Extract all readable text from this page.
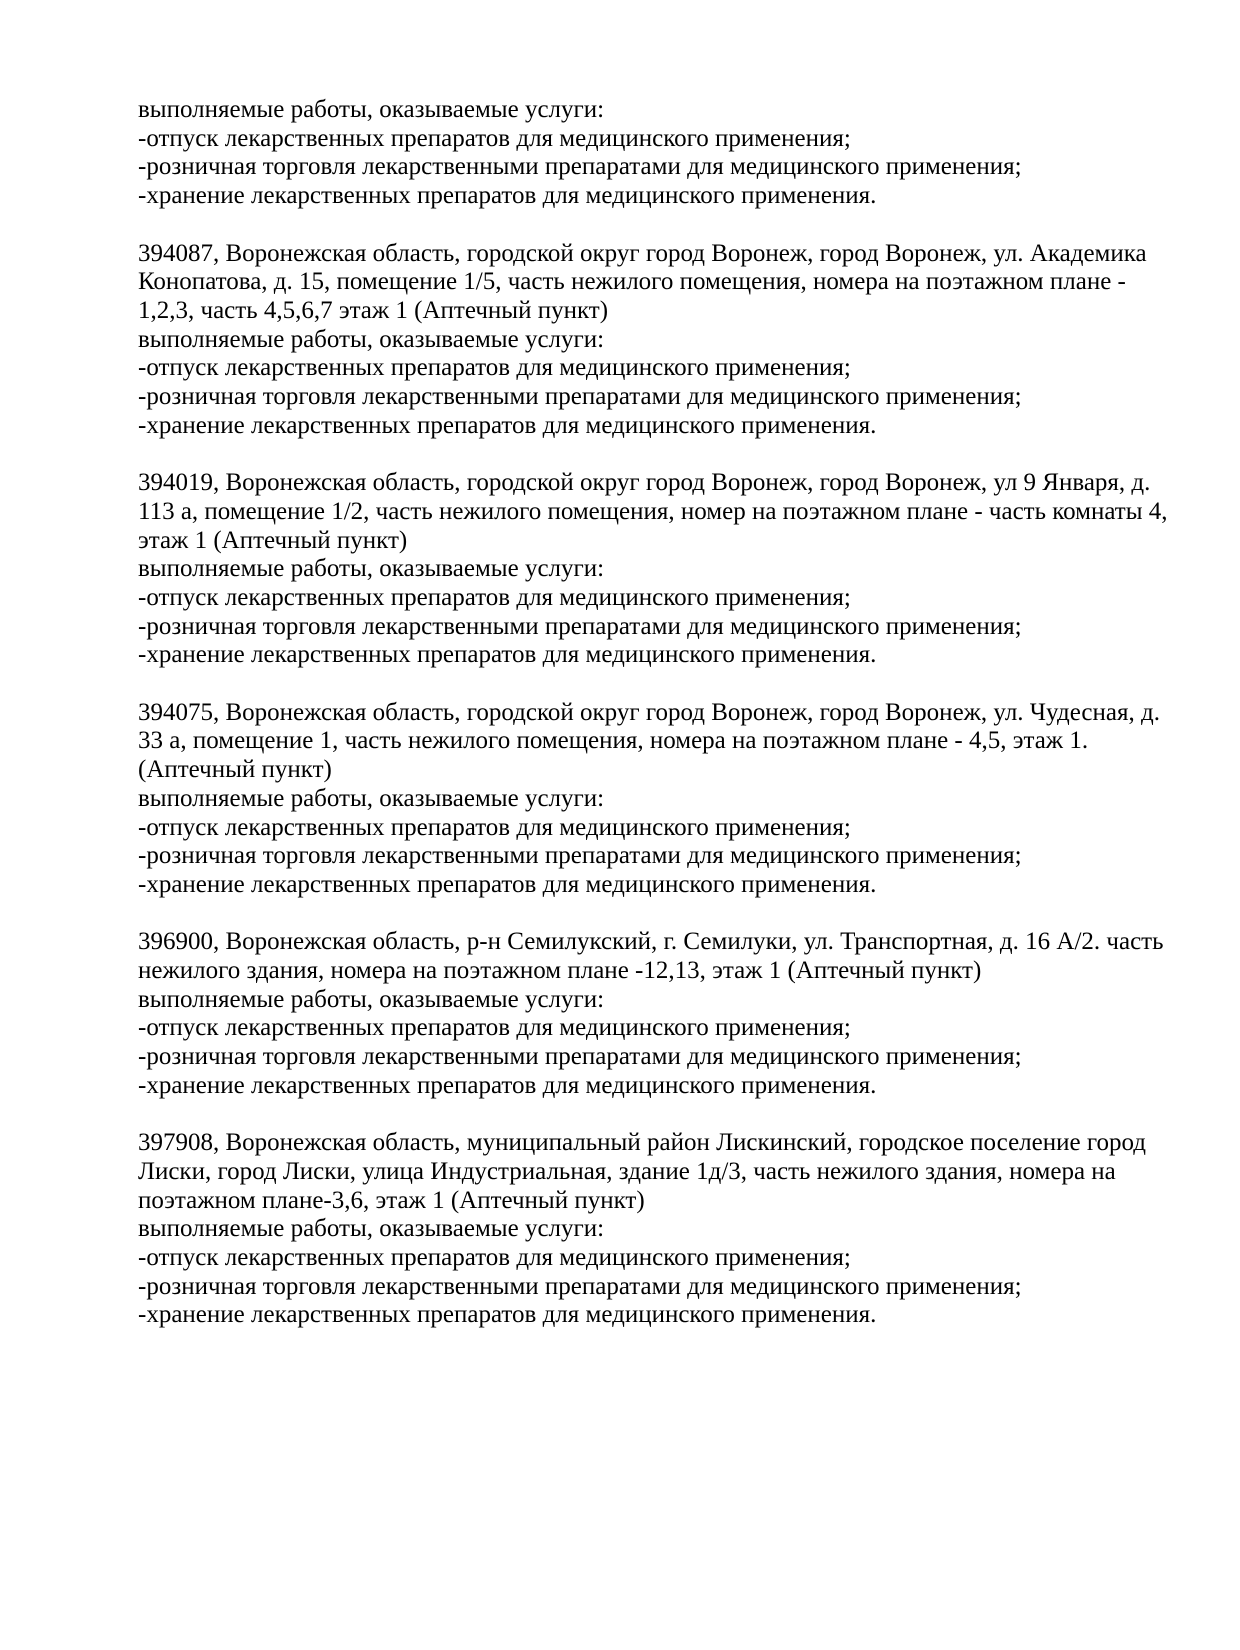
выполняемые работы, оказываемые услуги:
-отпуск лекарственных препаратов для медицинского применения;
-розничная торговля лекарственными препаратами для медицинского применения;
-хранение лекарственных препаратов для медицинского применения.
394087, Воронежская область, городской округ город Воронеж, город Воронеж, ул. Академика
Конопатова, д. 15, помещение 1/5, часть нежилого помещения, номера на поэтажном плане -
1,2,3, часть 4,5,6,7 этаж 1 (Аптечный пункт)
выполняемые работы, оказываемые услуги:
-отпуск лекарственных препаратов для медицинского применения;
-розничная торговля лекарственными препаратами для медицинского применения;
-хранение лекарственных препаратов для медицинского применения.
394019, Воронежская область, городской округ город Воронеж, город Воронеж, ул 9 Января, д.
113 а, помещение 1/2, часть нежилого помещения, номер на поэтажном плане - часть комнаты 4,
этаж 1 (Аптечный пункт)
выполняемые работы, оказываемые услуги:
-отпуск лекарственных препаратов для медицинского применения;
-розничная торговля лекарственными препаратами для медицинского применения;
-хранение лекарственных препаратов для медицинского применения.
394075, Воронежская область, городской округ город Воронеж, город Воронеж, ул. Чудесная, д.
33 а, помещение 1, часть нежилого помещения, номера на поэтажном плане - 4,5, этаж 1.
(Аптечный пункт)
выполняемые работы, оказываемые услуги:
-отпуск лекарственных препаратов для медицинского применения;
-розничная торговля лекарственными препаратами для медицинского применения;
-хранение лекарственных препаратов для медицинского применения.
396900, Воронежская область, р-н Семилукский, г. Семилуки, ул. Транспортная, д. 16 А/2. часть
нежилого здания, номера на поэтажном плане -12,13, этаж 1 (Аптечный пункт)
выполняемые работы, оказываемые услуги:
-отпуск лекарственных препаратов для медицинского применения;
-розничная торговля лекарственными препаратами для медицинского применения;
-хранение лекарственных препаратов для медицинского применения.
397908, Воронежская область, муниципальный район Лискинский, городское поселение город
Лиски, город Лиски, улица Индустриальная, здание 1д/3, часть нежилого здания, номера на
поэтажном плане-3,6, этаж 1 (Аптечный пункт)
выполняемые работы, оказываемые услуги:
-отпуск лекарственных препаратов для медицинского применения;
-розничная торговля лекарственными препаратами для медицинского применения;
-хранение лекарственных препаратов для медицинского применения.
